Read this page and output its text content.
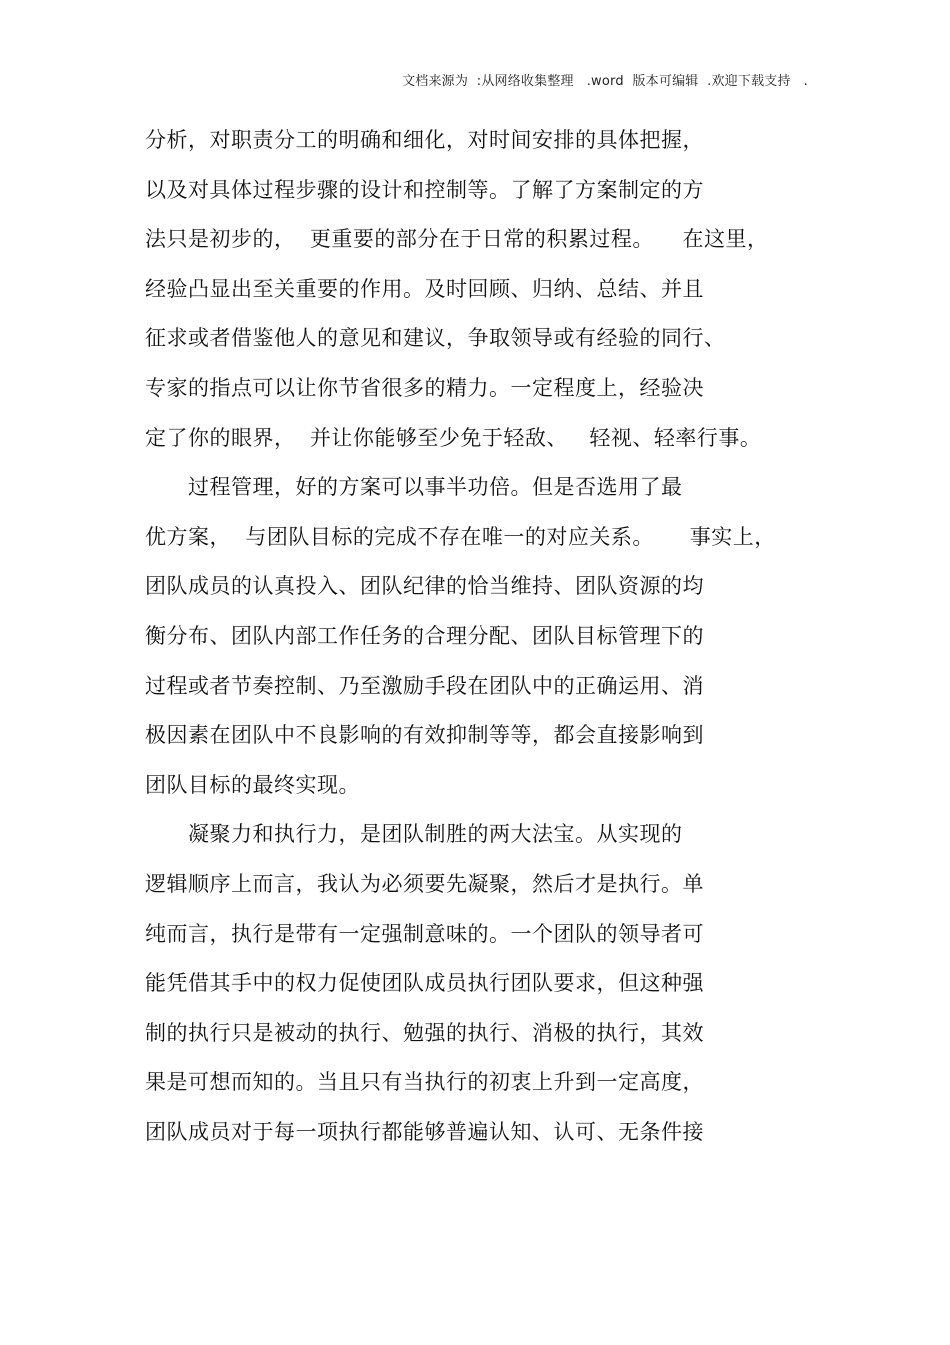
文档来源为  :从网络收集整理   .word  版本可编辑  .欢迎下载支持   .
分析，对职责分工的明确和细化，对时间安排的具体把握，
以及对具体过程步骤的设计和控制等。了解了方案制定的方
法只是初步的，  更重要的部分在于日常的积累过程。    在这里，
经验凸显出至关重要的作用。及时回顾、归纳、总结、并且
征求或者借鉴他人的意见和建议，争取领导或有经验的同行、
专家的指点可以让你节省很多的精力。一定程度上，经验决
定了你的眼界，  并让你能够至少免于轻敌、   轻视、轻率行事。
过程管理，好的方案可以事半功倍。但是否选用了最
优方案，  与团队目标的完成不存在唯一的对应关系。     事实上，
团队成员的认真投入、团队纪律的恰当维持、团队资源的均
衡分布、团队内部工作任务的合理分配、团队目标管理下的
过程或者节奏控制、乃至激励手段在团队中的正确运用、消
极因素在团队中不良影响的有效抑制等等，都会直接影响到
团队目标的最终实现。
凝聚力和执行力，是团队制胜的两大法宝。从实现的
逻辑顺序上而言，我认为必须要先凝聚，然后才是执行。单
纯而言，执行是带有一定强制意味的。一个团队的领导者可
能凭借其手中的权力促使团队成员执行团队要求，但这种强
制的执行只是被动的执行、勉强的执行、消极的执行，其效
果是可想而知的。当且只有当执行的初衷上升到一定高度，
团队成员对于每一项执行都能够普遍认知、认可、无条件接
